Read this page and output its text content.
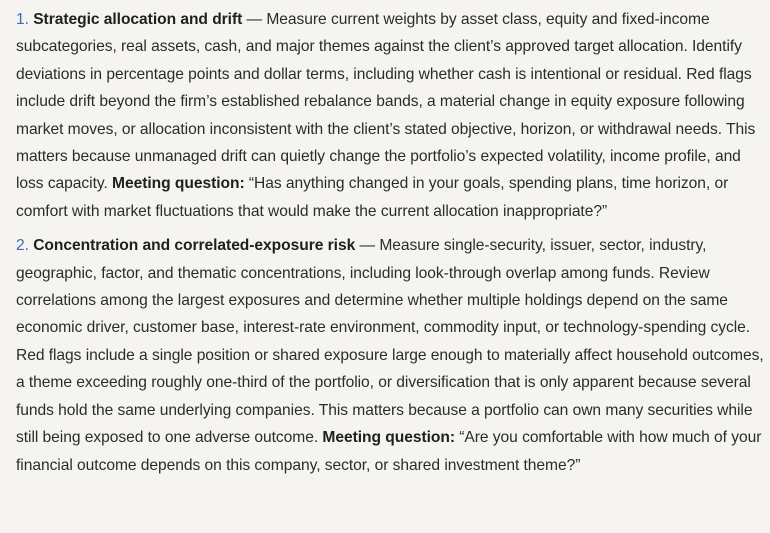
1. Strategic allocation and drift — Measure current weights by asset class, equity and fixed-income subcategories, real assets, cash, and major themes against the client’s approved target allocation. Identify deviations in percentage points and dollar terms, including whether cash is intentional or residual. Red flags include drift beyond the firm’s established rebalance bands, a material change in equity exposure following market moves, or allocation inconsistent with the client’s stated objective, horizon, or withdrawal needs. This matters because unmanaged drift can quietly change the portfolio’s expected volatility, income profile, and loss capacity. Meeting question: “Has anything changed in your goals, spending plans, time horizon, or comfort with market fluctuations that would make the current allocation inappropriate?”

2. Concentration and correlated-exposure risk — Measure single-security, issuer, sector, industry, geographic, factor, and thematic concentrations, including look-through overlap among funds. Review correlations among the largest exposures and determine whether multiple holdings depend on the same economic driver, customer base, interest-rate environment, commodity input, or technology-spending cycle. Red flags include a single position or shared exposure large enough to materially affect household outcomes, a theme exceeding roughly one-third of the portfolio, or diversification that is only apparent because several funds hold the same underlying companies. This matters because a portfolio can own many securities while still being exposed to one adverse outcome. Meeting question: “Are you comfortable with how much of your financial outcome depends on this company, sector, or shared investment theme?”
